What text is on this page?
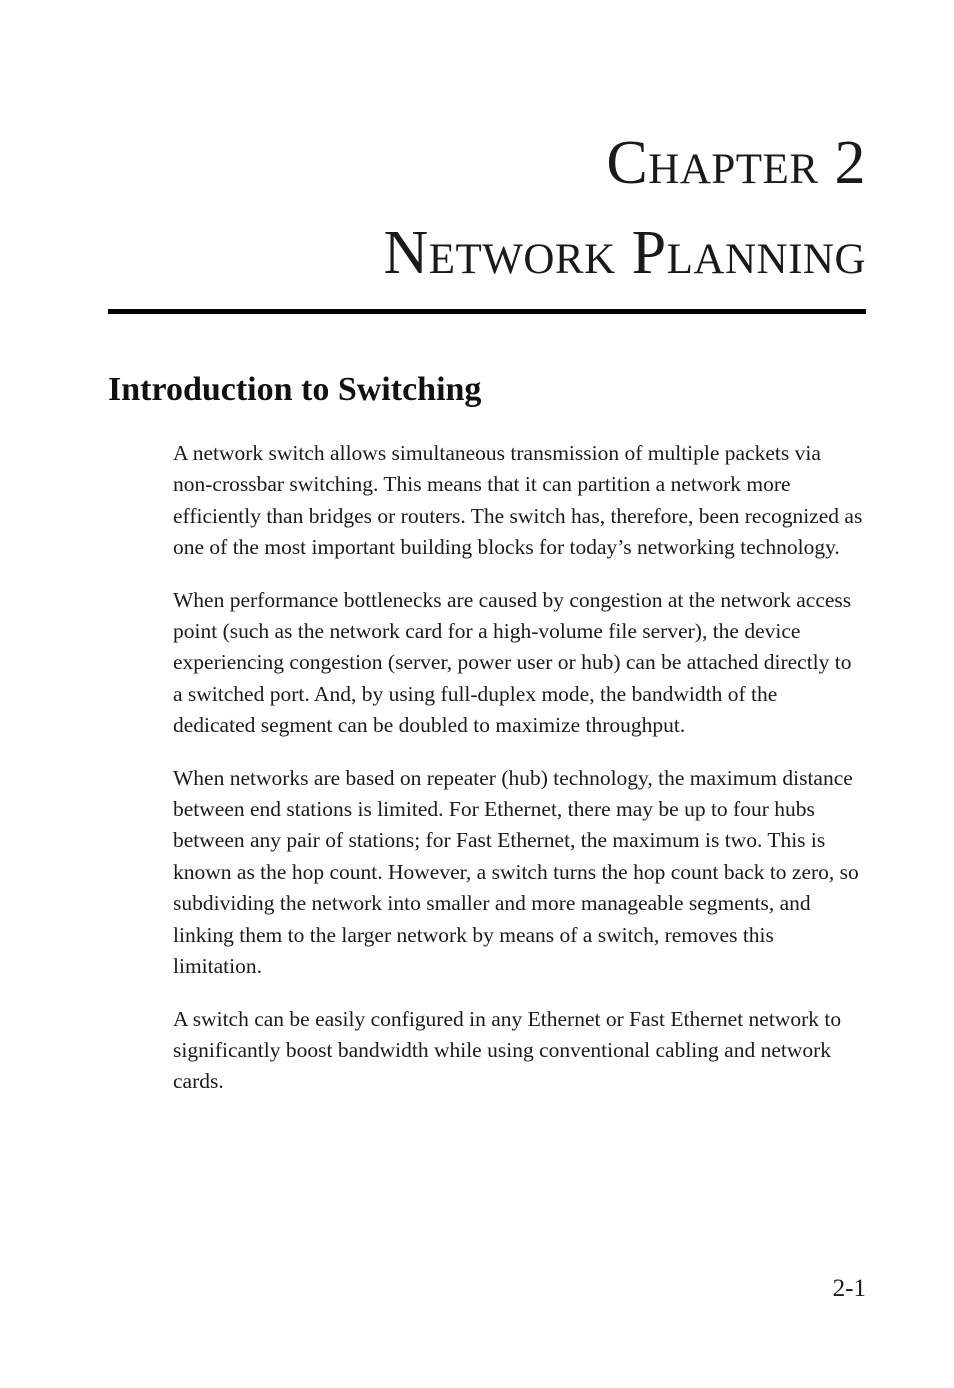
Chapter 2
Network Planning
Introduction to Switching

A network switch allows simultaneous transmission of multiple packets via non-crossbar switching. This means that it can partition a network more efficiently than bridges or routers. The switch has, therefore, been recognized as one of the most important building blocks for today’s networking technology.

When performance bottlenecks are caused by congestion at the network access point (such as the network card for a high-volume file server), the device experiencing congestion (server, power user or hub) can be attached directly to a switched port. And, by using full-duplex mode, the bandwidth of the dedicated segment can be doubled to maximize throughput.

When networks are based on repeater (hub) technology, the maximum distance between end stations is limited. For Ethernet, there may be up to four hubs between any pair of stations; for Fast Ethernet, the maximum is two. This is known as the hop count. However, a switch turns the hop count back to zero, so subdividing the network into smaller and more manageable segments, and linking them to the larger network by means of a switch, removes this limitation.

A switch can be easily configured in any Ethernet or Fast Ethernet network to significantly boost bandwidth while using conventional cabling and network cards.

2-1
